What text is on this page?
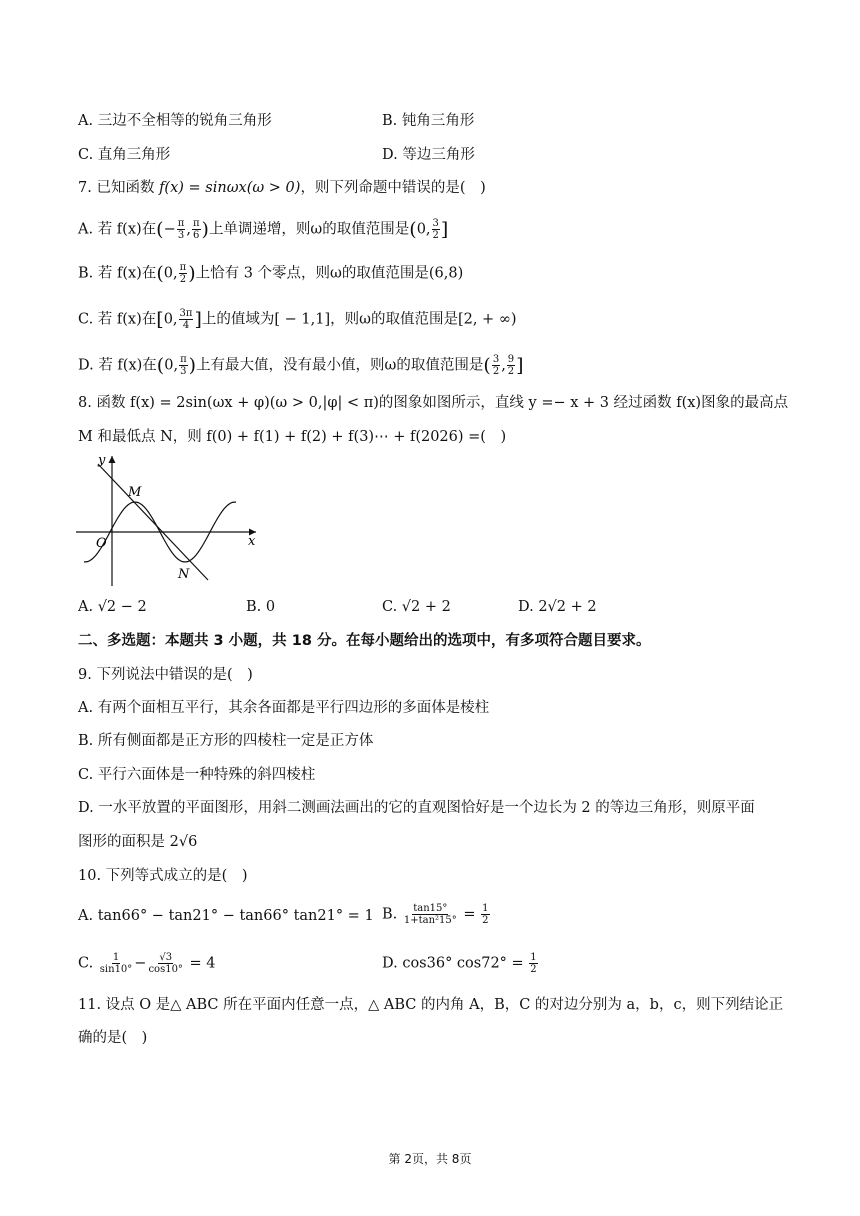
A. 三边不全相等的锐角三角形	B. 钝角三角形
C. 直角三角形	D. 等边三角形
7. 已知函数 f(x) = sinωx(ω > 0)，则下列命题中错误的是(　)
A. 若 f(x)在(− $\frac{\pi}{3}$ , $\frac{\pi}{6}$ )上单调递增，则ω的取值范围是(0, $\frac{3}{2}$ ]
B. 若 f(x)在(0, $\frac{\pi}{2}$ )上恰有 3 个零点，则ω的取值范围是(6,8)
C. 若 f(x)在[0, $\frac{3\pi}{4}$ ]上的值域为[ − 1,1]，则ω的取值范围是[2, + ∞)
D. 若 f(x)在(0, $\frac{\pi}{3}$ )上有最大值，没有最小值，则ω的取值范围是( $\frac{3}{2}$ , $\frac{9}{2}$ ]
8. 函数 f(x) = 2sin(ωx + φ)(ω > 0,|φ| < π)的图象如图所示，直线 y =− x + 3 经过函数 f(x)图象的最高点
M 和最低点 N，则 f(0) + f(1) + f(2) + f(3)⋯ + f(2026) =(　)
y
x
O
M
N
A. √2 − 2	B. 0	C. √2 + 2	D. 2√2 + 2
二、多选题：本题共 3 小题，共 18 分。在每小题给出的选项中，有多项符合题目要求。
9. 下列说法中错误的是(　)
A. 有两个面相互平行，其余各面都是平行四边形的多面体是棱柱
B. 所有侧面都是正方形的四棱柱一定是正方体
C. 平行六面体是一种特殊的斜四棱柱
D. 一水平放置的平面图形，用斜二测画法画出的它的直观图恰好是一个边长为 2 的等边三角形，则原平面
图形的面积是 2√6
10. 下列等式成立的是(　)
A. tan66° − tan21° − tan66° tan21° = 1 B. $\frac{\tan 15^\circ}{\text{1+tan²15°}} = \frac{1}{2}$
C. $\frac{1}{\sin 10^\circ} - \frac{√3}{\cos 10^\circ} = 4$	D. cos36° $\cos 72^\circ = \frac{1}{2}$
11. 设点 O 是△ ABC 所在平面内任意一点，△ ABC 的内角 A，B，C 的对边分别为 a，b，c，则下列结论正
确的是(　)
第 2页，共 8页
